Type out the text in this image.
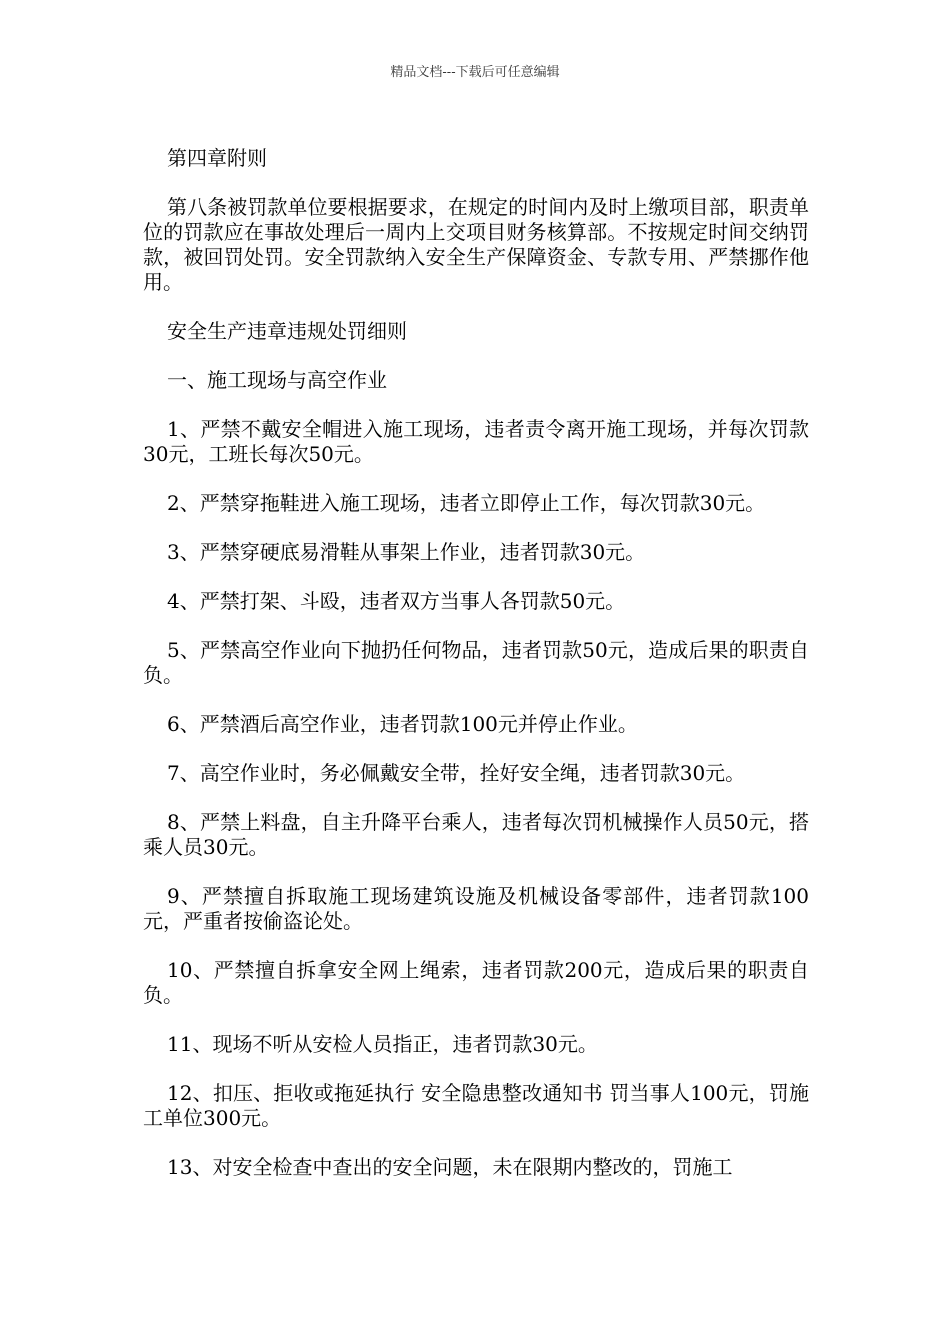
精品文档---下载后可任意编辑

第四章附则

第八条被罚款单位要根据要求，在规定的时间内及时上缴项目部，职责单位的罚款应在事故处理后一周内上交项目财务核算部。不按规定时间交纳罚款，被回罚处罚。安全罚款纳入安全生产保障资金、专款专用、严禁挪作他用。

安全生产违章违规处罚细则

一、施工现场与高空作业

1、严禁不戴安全帽进入施工现场，违者责令离开施工现场，并每次罚款30元，工班长每次50元。

2、严禁穿拖鞋进入施工现场，违者立即停止工作，每次罚款30元。

3、严禁穿硬底易滑鞋从事架上作业，违者罚款30元。

4、严禁打架、斗殴，违者双方当事人各罚款50元。

5、严禁高空作业向下抛扔任何物品，违者罚款50元，造成后果的职责自负。

6、严禁酒后高空作业，违者罚款100元并停止作业。

7、高空作业时，务必佩戴安全带，拴好安全绳，违者罚款30元。

8、严禁上料盘，自主升降平台乘人，违者每次罚机械操作人员50元，搭乘人员30元。

9、严禁擅自拆取施工现场建筑设施及机械设备零部件，违者罚款100元，严重者按偷盗论处。

10、严禁擅自拆拿安全网上绳索，违者罚款200元，造成后果的职责自负。

11、现场不听从安检人员指正，违者罚款30元。

12、扣压、拒收或拖延执行 安全隐患整改通知书 罚当事人100元，罚施工单位300元。

13、对安全检查中查出的安全问题，未在限期内整改的，罚施工
